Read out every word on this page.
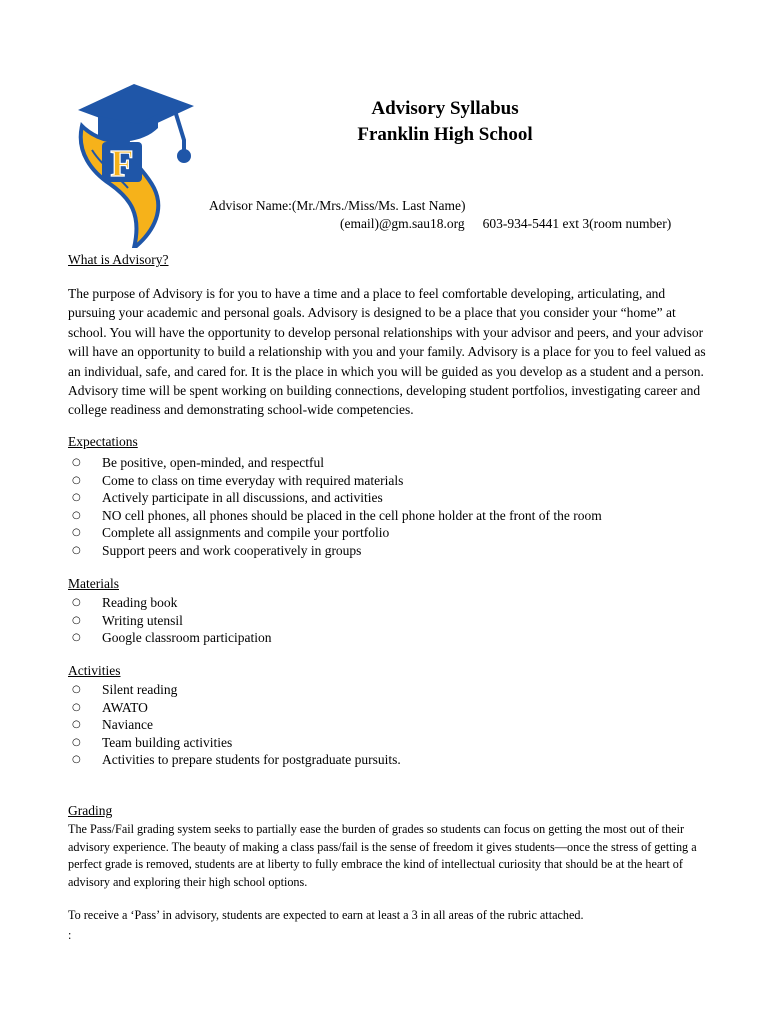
F
Advisory Syllabus
Franklin High School
Advisor Name:(Mr./Mrs./Miss/Ms. Last Name)
(email)@gm.sau18.org 603-934-5441 ext 3(room number)
What is Advisory?
The purpose of Advisory is for you to have a time and a place to feel comfortable developing, articulating, and pursuing your academic and personal goals. Advisory is designed to be a place that you consider your “home” at school. You will have the opportunity to develop personal relationships with your advisor and peers, and your advisor will have an opportunity to build a relationship with you and your family. Advisory is a place for you to feel valued as an individual, safe, and cared for. It is the place in which you will be guided as you develop as a student and a person. Advisory time will be spent working on building connections, developing student portfolios, investigating career and college readiness and demonstrating school-wide competencies.
Expectations
○ Be positive, open-minded, and respectful
○ Come to class on time everyday with required materials
○ Actively participate in all discussions, and activities
○ NO cell phones, all phones should be placed in the cell phone holder at the front of the room
○ Complete all assignments and compile your portfolio
○ Support peers and work cooperatively in groups
Materials
○ Reading book
○ Writing utensil
○ Google classroom participation
Activities
○ Silent reading
○ AWATO
○ Naviance
○ Team building activities
○ Activities to prepare students for postgraduate pursuits.
Grading
The Pass/Fail grading system seeks to partially ease the burden of grades so students can focus on getting the most out of their advisory experience. The beauty of making a class pass/fail is the sense of freedom it gives students—once the stress of getting a perfect grade is removed, students are at liberty to fully embrace the kind of intellectual curiosity that should be at the heart of advisory and exploring their high school options.
To receive a ‘Pass’ in advisory, students are expected to earn at least a 3 in all areas of the rubric attached.
:
